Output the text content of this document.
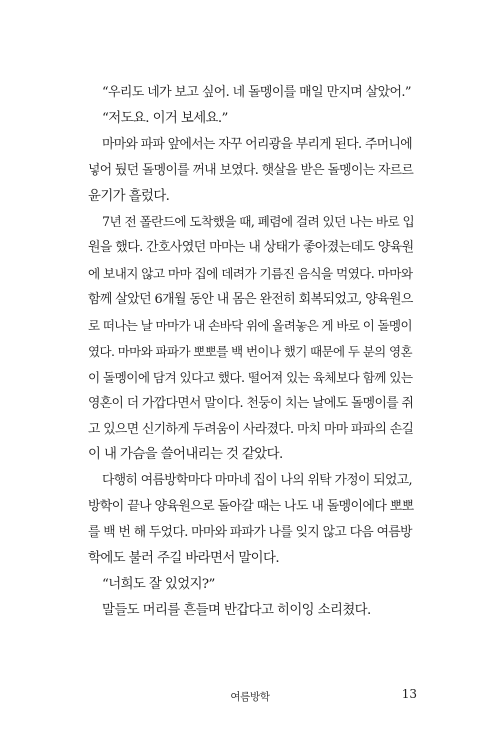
“우리도 네가 보고 싶어. 네 돌멩이를 매일 만지며 살았어.”
“저도요. 이거 보세요.”
마마와 파파 앞에서는 자꾸 어리광을 부리게 된다. 주머니에
넣어 뒀던 돌멩이를 꺼내 보였다. 햇살을 받은 돌멩이는 자르르
윤기가 흘렀다.
7년 전 폴란드에 도착했을 때, 폐렴에 걸려 있던 나는 바로 입
원을 했다. 간호사였던 마마는 내 상태가 좋아졌는데도 양육원
에 보내지 않고 마마 집에 데려가 기름진 음식을 먹였다. 마마와
함께 살았던 6개월 동안 내 몸은 완전히 회복되었고, 양육원으
로 떠나는 날 마마가 내 손바닥 위에 올려놓은 게 바로 이 돌멩이
였다. 마마와 파파가 뽀뽀를 백 번이나 했기 때문에 두 분의 영혼
이 돌멩이에 담겨 있다고 했다. 떨어져 있는 육체보다 함께 있는
영혼이 더 가깝다면서 말이다. 천둥이 치는 날에도 돌멩이를 쥐
고 있으면 신기하게 두려움이 사라졌다. 마치 마마 파파의 손길
이 내 가슴을 쓸어내리는 것 같았다.
다행히 여름방학마다 마마네 집이 나의 위탁 가정이 되었고,
방학이 끝나 양육원으로 돌아갈 때는 나도 내 돌멩이에다 뽀뽀
를 백 번 해 두었다. 마마와 파파가 나를 잊지 않고 다음 여름방
학에도 불러 주길 바라면서 말이다.
“너희도 잘 있었지?”
말들도 머리를 흔들며 반갑다고 히이잉 소리쳤다.
여름방학	13
